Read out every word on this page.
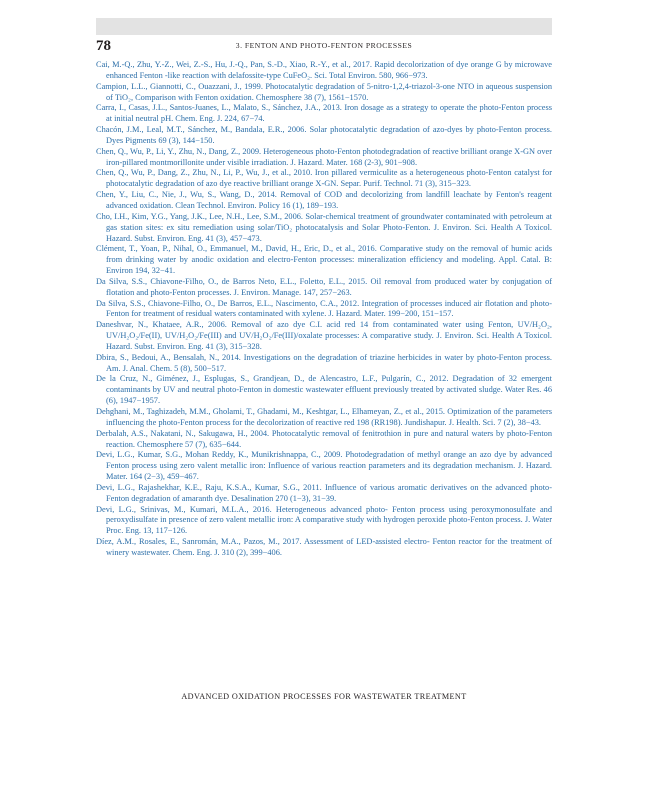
78	3. FENTON AND PHOTO-FENTON PROCESSES
Cai, M.-Q., Zhu, Y.-Z., Wei, Z.-S., Hu, J.-Q., Pan, S.-D., Xiao, R.-Y., et al., 2017. Rapid decolorization of dye orange G by microwave enhanced Fenton -like reaction with delafossite-type CuFeO₂. Sci. Total Environ. 580, 966−973.
Campion, L.L., Giannotti, C., Ouazzani, J., 1999. Photocatalytic degradation of 5-nitro-1,2,4-triazol-3-one NTO in aqueous suspension of TiO₂, Comparison with Fenton oxidation. Chemosphere 38 (7), 1561−1570.
Carra, I., Casas, J.L., Santos-Juanes, L., Malato, S., Sánchez, J.A., 2013. Iron dosage as a strategy to operate the photo-Fenton process at initial neutral pH. Chem. Eng. J. 224, 67−74.
Chacón, J.M., Leal, M.T., Sánchez, M., Bandala, E.R., 2006. Solar photocatalytic degradation of azo-dyes by photo-Fenton process. Dyes Pigments 69 (3), 144−150.
Chen, Q., Wu, P., Li, Y., Zhu, N., Dang, Z., 2009. Heterogeneous photo-Fenton photodegradation of reactive brilliant orange X-GN over iron-pillared montmorillonite under visible irradiation. J. Hazard. Mater. 168 (2-3), 901−908.
Chen, Q., Wu, P., Dang, Z., Zhu, N., Li, P., Wu, J., et al., 2010. Iron pillared vermiculite as a heterogeneous photo-Fenton catalyst for photocatalytic degradation of azo dye reactive brilliant orange X-GN. Separ. Purif. Technol. 71 (3), 315−323.
Chen, Y., Liu, C., Nie, J., Wu, S., Wang, D., 2014. Removal of COD and decolorizing from landfill leachate by Fenton's reagent advanced oxidation. Clean Technol. Environ. Policy 16 (1), 189−193.
Cho, I.H., Kim, Y.G., Yang, J.K., Lee, N.H., Lee, S.M., 2006. Solar-chemical treatment of groundwater contaminated with petroleum at gas station sites: ex situ remediation using solar/TiO₂ photocatalysis and Solar Photo-Fenton. J. Environ. Sci. Health A Toxicol. Hazard. Subst. Environ. Eng. 41 (3), 457−473.
Clément, T., Yoan, P., Nihal, O., Emmanuel, M., David, H., Eric, D., et al., 2016. Comparative study on the removal of humic acids from drinking water by anodic oxidation and electro-Fenton processes: mineralization efficiency and modeling. Appl. Catal. B: Environ 194, 32−41.
Da Silva, S.S., Chiavone-Filho, O., de Barros Neto, E.L., Foletto, E.L., 2015. Oil removal from produced water by conjugation of flotation and photo-Fenton processes. J. Environ. Manage. 147, 257−263.
Da Silva, S.S., Chiavone-Filho, O., De Barros, E.L., Nascimento, C.A., 2012. Integration of processes induced air flotation and photo-Fenton for treatment of residual waters contaminated with xylene. J. Hazard. Mater. 199−200, 151−157.
Daneshvar, N., Khataee, A.R., 2006. Removal of azo dye C.I. acid red 14 from contaminated water using Fenton, UV/H₂O₂, UV/H₂O₂/Fe(II), UV/H₂O₂/Fe(III) and UV/H₂O₂/Fe(III)/oxalate processes: A comparative study. J. Environ. Sci. Health A Toxicol. Hazard. Subst. Environ. Eng. 41 (3), 315−328.
Dbira, S., Bedoui, A., Bensalah, N., 2014. Investigations on the degradation of triazine herbicides in water by photo-Fenton process. Am. J. Anal. Chem. 5 (8), 500−517.
De la Cruz, N., Giménez, J., Esplugas, S., Grandjean, D., de Alencastro, L.F., Pulgarín, C., 2012. Degradation of 32 emergent contaminants by UV and neutral photo-Fenton in domestic wastewater effluent previously treated by activated sludge. Water Res. 46 (6), 1947−1957.
Dehghani, M., Taghizadeh, M.M., Gholami, T., Ghadami, M., Keshtgar, L., Elhameyan, Z., et al., 2015. Optimization of the parameters influencing the photo-Fenton process for the decolorization of reactive red 198 (RR198). Jundishapur. J. Health. Sci. 7 (2), 38−43.
Derbalah, A.S., Nakatani, N., Sakugawa, H., 2004. Photocatalytic removal of fenitrothion in pure and natural waters by photo-Fenton reaction. Chemosphere 57 (7), 635−644.
Devi, L.G., Kumar, S.G., Mohan Reddy, K., Munikrishnappa, C., 2009. Photodegradation of methyl orange an azo dye by advanced Fenton process using zero valent metallic iron: Influence of various reaction parameters and its degradation mechanism. J. Hazard. Mater. 164 (2−3), 459−467.
Devi, L.G., Rajashekhar, K.E., Raju, K.S.A., Kumar, S.G., 2011. Influence of various aromatic derivatives on the advanced photo-Fenton degradation of amaranth dye. Desalination 270 (1−3), 31−39.
Devi, L.G., Srinivas, M., Kumari, M.L.A., 2016. Heterogeneous advanced photo- Fenton process using peroxymonosulfate and peroxydisulfate in presence of zero valent metallic iron: A comparative study with hydrogen peroxide photo-Fenton process. J. Water Proc. Eng. 13, 117−126.
Díez, A.M., Rosales, E., Sanromán, M.A., Pazos, M., 2017. Assessment of LED-assisted electro- Fenton reactor for the treatment of winery wastewater. Chem. Eng. J. 310 (2), 399−406.
ADVANCED OXIDATION PROCESSES FOR WASTEWATER TREATMENT
